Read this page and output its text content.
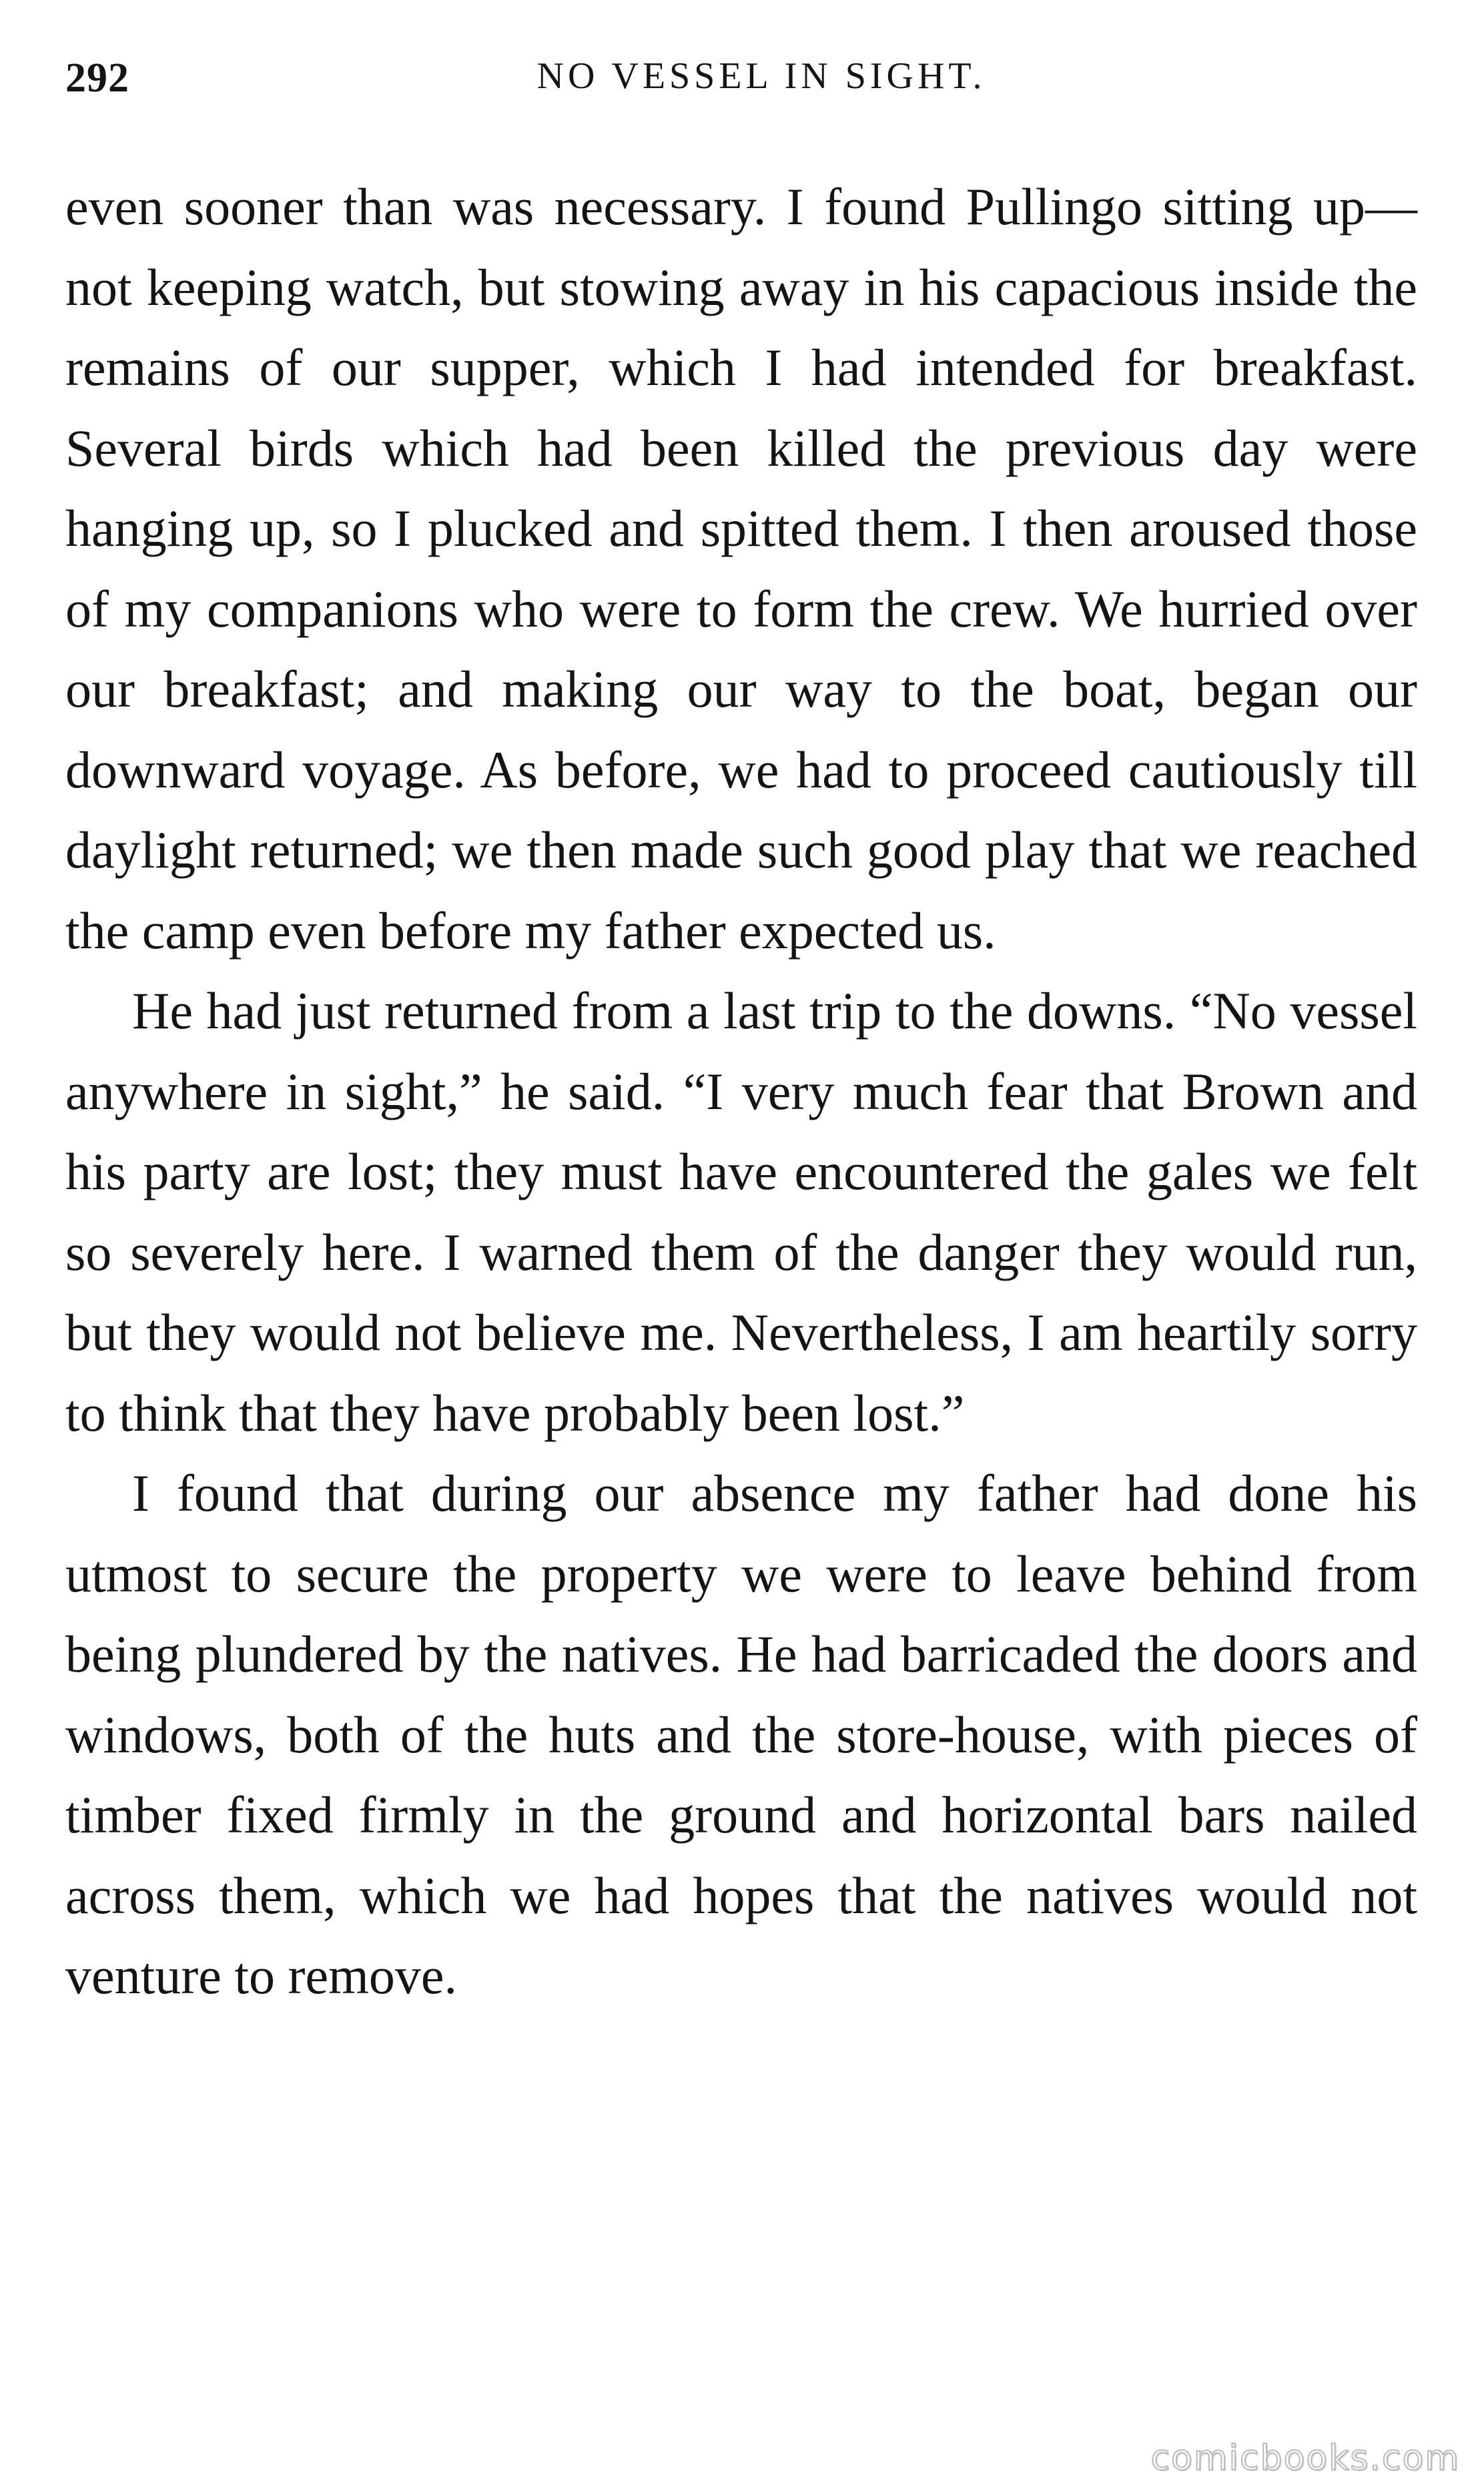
292	NO VESSEL IN SIGHT.

even sooner than was necessary. I found Pullingo sitting up—not keeping watch, but stowing away in his capacious inside the remains of our supper, which I had intended for breakfast. Several birds which had been killed the previous day were hanging up, so I plucked and spitted them. I then aroused those of my companions who were to form the crew. We hurried over our breakfast; and making our way to the boat, began our downward voyage. As before, we had to proceed cautiously till daylight returned; we then made such good play that we reached the camp even before my father expected us.

He had just returned from a last trip to the downs. “No vessel anywhere in sight,” he said. “I very much fear that Brown and his party are lost; they must have encountered the gales we felt so severely here. I warned them of the danger they would run, but they would not believe me. Nevertheless, I am heartily sorry to think that they have probably been lost.”

I found that during our absence my father had done his utmost to secure the property we were to leave behind from being plundered by the natives. He had barricaded the doors and windows, both of the huts and the store-house, with pieces of timber fixed firmly in the ground and horizontal bars nailed across them, which we had hopes that the natives would not venture to remove.

comicbooks.com
